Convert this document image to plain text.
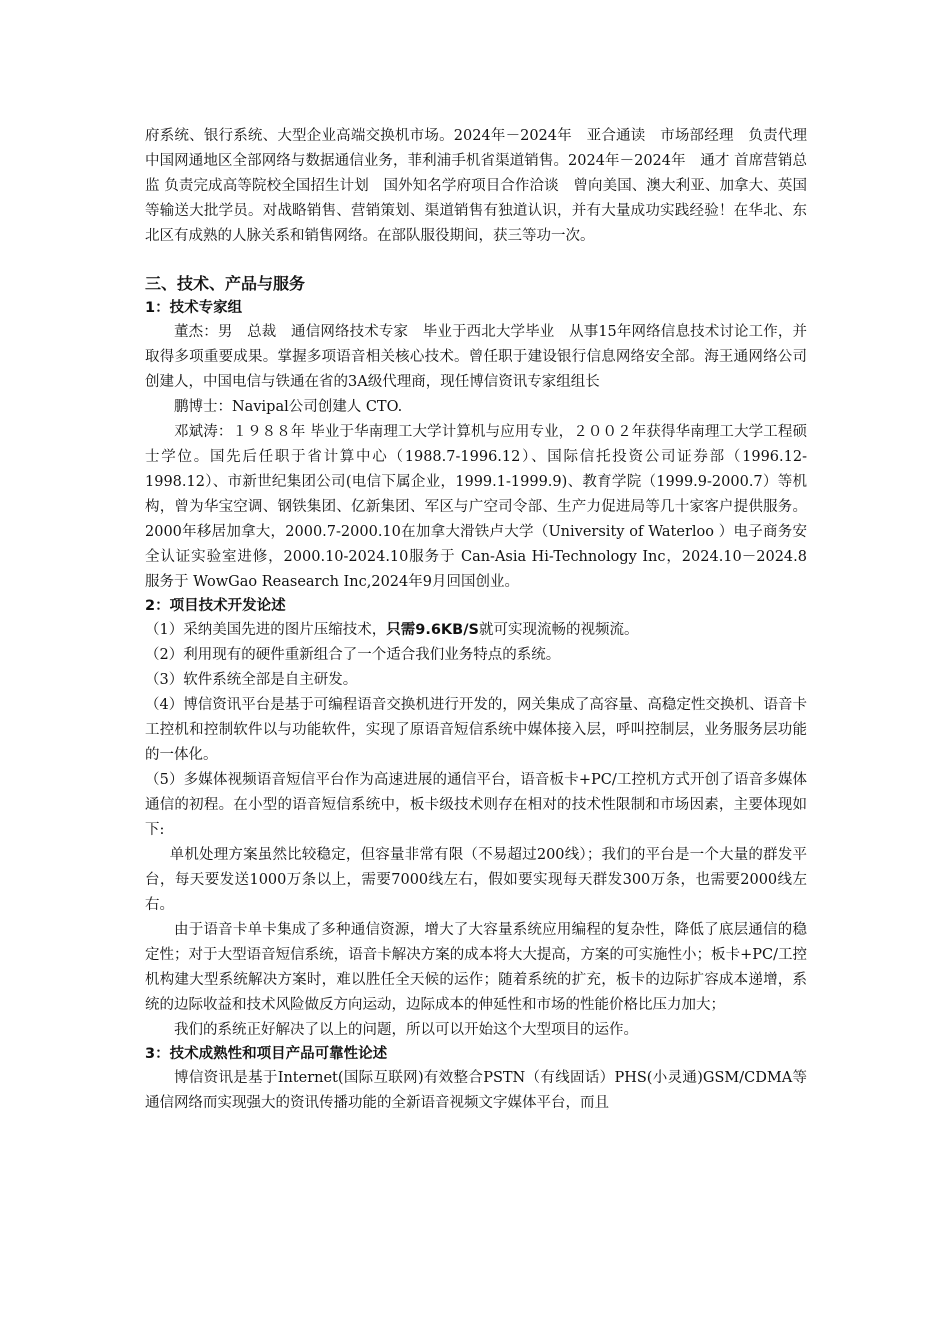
府系统、银行系统、大型企业高端交换机市场。2024年－2024年　亚合通读　市场部经理　负责代理中国网通地区全部网络与数据通信业务，菲利浦手机省渠道销售。2024年－2024年　通才 首席营销总监 负责完成高等院校全国招生计划　国外知名学府项目合作洽谈　曾向美国、澳大利亚、加拿大、英国等输送大批学员。对战略销售、营销策划、渠道销售有独道认识，并有大量成功实践经验！在华北、东北区有成熟的人脉关系和销售网络。在部队服役期间，获三等功一次。

三、技术、产品与服务
1：技术专家组

董杰：男　总裁　通信网络技术专家　毕业于西北大学毕业　从事15年网络信息技术讨论工作，并取得多项重要成果。掌握多项语音相关核心技术。曾任职于建设银行信息网络安全部。海王通网络公司创建人，中国电信与铁通在省的3A级代理商，现任博信资讯专家组组长

鹏博士：Navipal公司创建人 CTO.

邓斌涛：１９８８年 毕业于华南理工大学计算机与应用专业，２００２年获得华南理工大学工程硕士学位。国先后任职于省计算中心（1988.7-1996.12）、国际信托投资公司证券部（1996.12-1998.12）、市新世纪集团公司(电信下属企业，1999.1-1999.9)、教育学院（1999.9-2000.7）等机构，曾为华宝空调、钢铁集团、亿新集团、军区与广空司令部、生产力促进局等几十家客户提供服务。2000年移居加拿大，2000.7-2000.10在加拿大滑铁卢大学（University of Waterloo ）电子商务安全认证实验室进修，2000.10-2024.10服务于 Can-Asia Hi-Technology Inc，2024.10－2024.8　服务于 WowGao Reasearch Inc,2024年9月回国创业。

2：项目技术开发论述

（1）采纳美国先进的图片压缩技术，只需9.6KB/S就可实现流畅的视频流。

（2）利用现有的硬件重新组合了一个适合我们业务特点的系统。

（3）软件系统全部是自主研发。

（4）博信资讯平台是基于可编程语音交换机进行开发的，网关集成了高容量、高稳定性交换机、语音卡工控机和控制软件以与功能软件，实现了原语音短信系统中媒体接入层，呼叫控制层，业务服务层功能的一体化。

（5）多媒体视频语音短信平台作为高速进展的通信平台，语音板卡+PC/工控机方式开创了语音多媒体通信的初程。在小型的语音短信系统中，板卡级技术则存在相对的技术性限制和市场因素，主要体现如下:

单机处理方案虽然比较稳定，但容量非常有限（不易超过200线）；我们的平台是一个大量的群发平台，每天要发送1000万条以上，需要7000线左右，假如要实现每天群发300万条，也需要2000线左右。

由于语音卡单卡集成了多种通信资源，增大了大容量系统应用编程的复杂性，降低了底层通信的稳定性；对于大型语音短信系统，语音卡解决方案的成本将大大提高，方案的可实施性小；板卡+PC/工控机构建大型系统解决方案时，难以胜任全天候的运作；随着系统的扩充，板卡的边际扩容成本递增，系统的边际收益和技术风险做反方向运动，边际成本的伸延性和市场的性能价格比压力加大；

我们的系统正好解决了以上的问题，所以可以开始这个大型项目的运作。

3：技术成熟性和项目产品可靠性论述

博信资讯是基于Internet(国际互联网)有效整合PSTN（有线固话）PHS(小灵通)GSM/CDMA等通信网络而实现强大的资讯传播功能的全新语音视频文字媒体平台，而且
